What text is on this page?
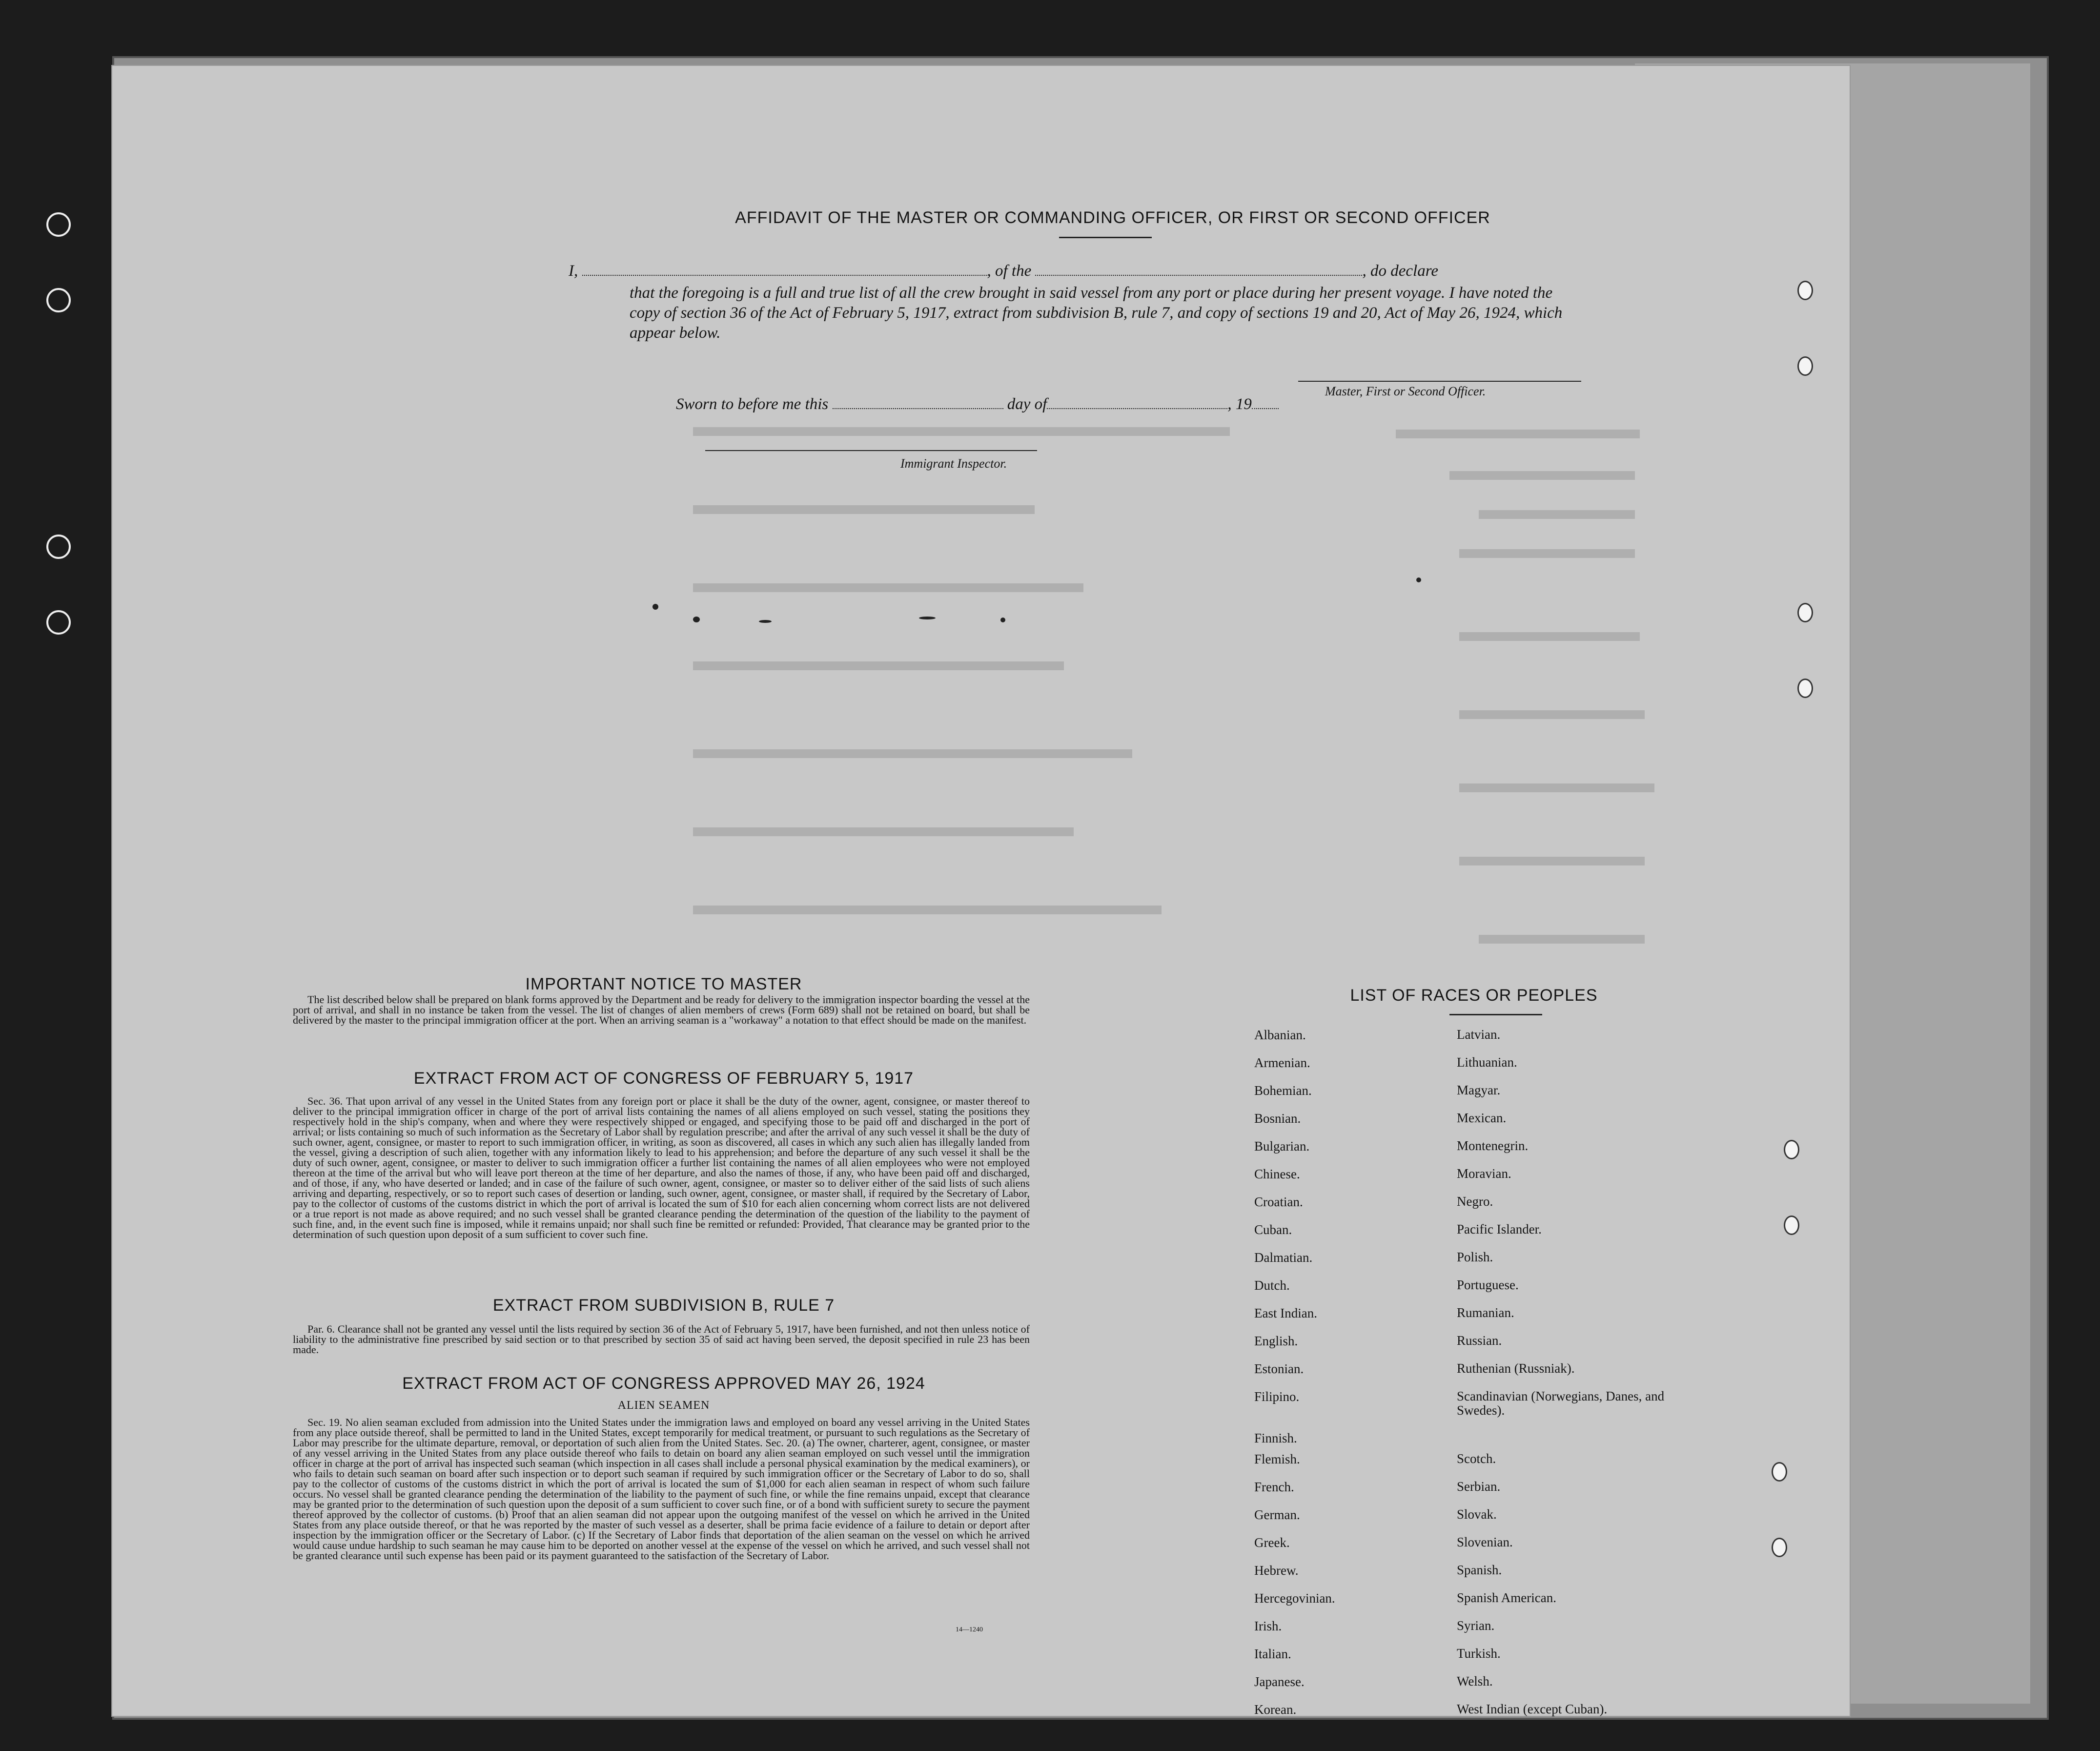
AFFIDAVIT OF THE MASTER OR COMMANDING OFFICER, OR FIRST OR SECOND OFFICER
I,	, of the	, do declare
that the foregoing is a full and true list of all the crew brought in said vessel from any port or place during her present voyage. I have noted the copy of section 36 of the Act of February 5, 1917, extract from subdivision B, rule 7, and copy of sections 19 and 20, Act of May 26, 1924, which appear below.
Master, First or Second Officer.
Sworn to before me this	day of	, 19
Immigrant Inspector.
IMPORTANT NOTICE TO MASTER
The list described below shall be prepared on blank forms approved by the Department and be ready for delivery to the immigration inspector boarding the vessel at the port of arrival, and shall in no instance be taken from the vessel. The list of changes of alien members of crews (Form 689) shall not be retained on board, but shall be delivered by the master to the principal immigration officer at the port. When an arriving seaman is a "workaway" a notation to that effect should be made on the manifest.
EXTRACT FROM ACT OF CONGRESS OF FEBRUARY 5, 1917
Sec. 36. That upon arrival of any vessel in the United States from any foreign port or place it shall be the duty of the owner, agent, consignee, or master thereof to deliver to the principal immigration officer in charge of the port of arrival lists containing the names of all aliens employed on such vessel, stating the positions they respectively hold in the ship's company, when and where they were respectively shipped or engaged, and specifying those to be paid off and discharged in the port of arrival; or lists containing so much of such information as the Secretary of Labor shall by regulation prescribe; and after the arrival of any such vessel it shall be the duty of such owner, agent, consignee, or master to report to such immigration officer, in writing, as soon as discovered, all cases in which any such alien has illegally landed from the vessel, giving a description of such alien, together with any information likely to lead to his apprehension; and before the departure of any such vessel it shall be the duty of such owner, agent, consignee, or master to deliver to such immigration officer a further list containing the names of all alien employees who were not employed thereon at the time of the arrival but who will leave port thereon at the time of her departure, and also the names of those, if any, who have been paid off and discharged, and of those, if any, who have deserted or landed; and in case of the failure of such owner, agent, consignee, or master so to deliver either of the said lists of such aliens arriving and departing, respectively, or so to report such cases of desertion or landing, such owner, agent, consignee, or master shall, if required by the Secretary of Labor, pay to the collector of customs of the customs district in which the port of arrival is located the sum of $10 for each alien concerning whom correct lists are not delivered or a true report is not made as above required; and no such vessel shall be granted clearance pending the determination of the question of the liability to the payment of such fine, and, in the event such fine is imposed, while it remains unpaid; nor shall such fine be remitted or refunded: Provided, That clearance may be granted prior to the determination of such question upon deposit of a sum sufficient to cover such fine.
EXTRACT FROM SUBDIVISION B, RULE 7
Par. 6. Clearance shall not be granted any vessel until the lists required by section 36 of the Act of February 5, 1917, have been furnished, and not then unless notice of liability to the administrative fine prescribed by said section or to that prescribed by section 35 of said act having been served, the deposit specified in rule 23 has been made.
EXTRACT FROM ACT OF CONGRESS APPROVED MAY 26, 1924
ALIEN SEAMEN
Sec. 19. No alien seaman excluded from admission into the United States under the immigration laws and employed on board any vessel arriving in the United States from any place outside thereof, shall be permitted to land in the United States, except temporarily for medical treatment, or pursuant to such regulations as the Secretary of Labor may prescribe for the ultimate departure, removal, or deportation of such alien from the United States. Sec. 20. (a) The owner, charterer, agent, consignee, or master of any vessel arriving in the United States from any place outside thereof who fails to detain on board any alien seaman employed on such vessel until the immigration officer in charge at the port of arrival has inspected such seaman (which inspection in all cases shall include a personal physical examination by the medical examiners), or who fails to detain such seaman on board after such inspection or to deport such seaman if required by such immigration officer or the Secretary of Labor to do so, shall pay to the collector of customs of the customs district in which the port of arrival is located the sum of $1,000 for each alien seaman in respect of whom such failure occurs. No vessel shall be granted clearance pending the determination of the liability to the payment of such fine, or while the fine remains unpaid, except that clearance may be granted prior to the determination of such question upon the deposit of a sum sufficient to cover such fine, or of a bond with sufficient surety to secure the payment thereof approved by the collector of customs. (b) Proof that an alien seaman did not appear upon the outgoing manifest of the vessel on which he arrived in the United States from any place outside thereof, or that he was reported by the master of such vessel as a deserter, shall be prima facie evidence of a failure to detain or deport after inspection by the immigration officer or the Secretary of Labor. (c) If the Secretary of Labor finds that deportation of the alien seaman on the vessel on which he arrived would cause undue hardship to such seaman he may cause him to be deported on another vessel at the expense of the vessel on which he arrived, and such vessel shall not be granted clearance until such expense has been paid or its payment guaranteed to the satisfaction of the Secretary of Labor.
14—1240
LIST OF RACES OR PEOPLES
Albanian.	Latvian.
Armenian.	Lithuanian.
Bohemian.	Magyar.
Bosnian.	Mexican.
Bulgarian.	Montenegrin.
Chinese.	Moravian.
Croatian.	Negro.
Cuban.	Pacific Islander.
Dalmatian.	Polish.
Dutch.	Portuguese.
East Indian.	Rumanian.
English.	Russian.
Estonian.	Ruthenian (Russniak).
Filipino.	Scandinavian (Norwegians, Danes, and Swedes).
Finnish.
Flemish.	Scotch.
French.	Serbian.
German.	Slovak.
Greek.	Slovenian.
Hebrew.	Spanish.
Hercegovinian.	Spanish American.
Irish.	Syrian.
Italian.	Turkish.
Japanese.	Welsh.
Korean.	West Indian (except Cuban).
